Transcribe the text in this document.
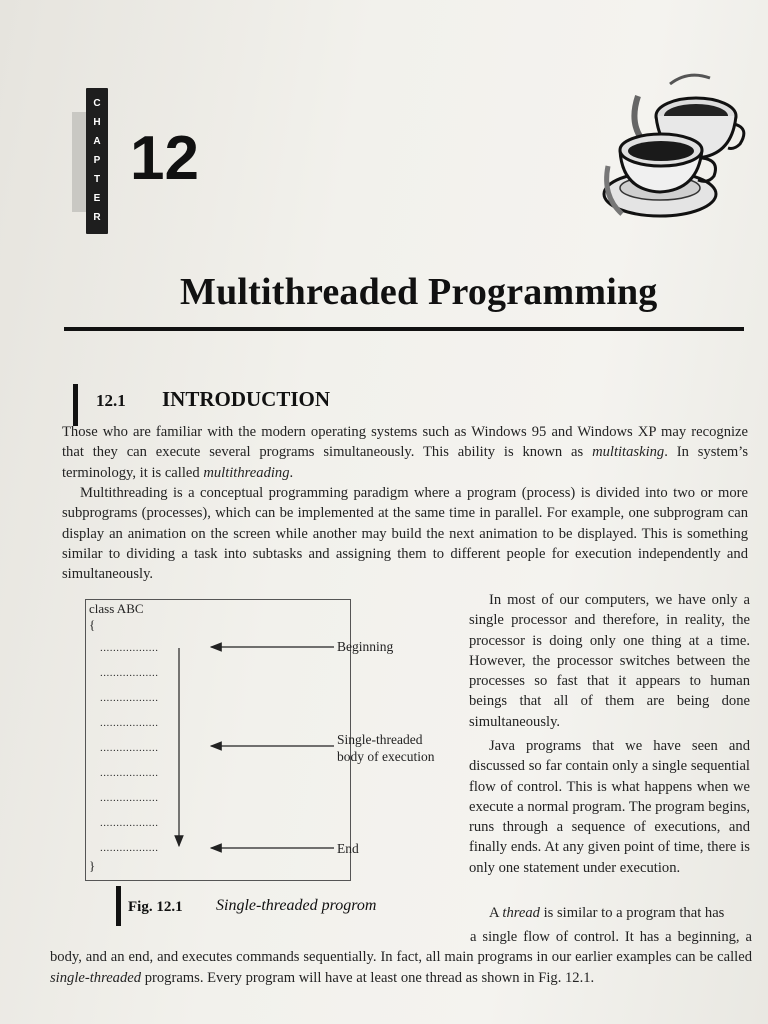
C
H
A
P
T
E
R
12
Multithreaded Programming
12.1 INTRODUCTION

Those who are familiar with the modern operating systems such as Windows 95 and Windows XP may recognize that they can execute several programs simultaneously. This ability is known as multitasking. In system’s terminology, it is called multithreading.

Multithreading is a conceptual programming paradigm where a program (process) is divided into two or more subprograms (processes), which can be implemented at the same time in parallel. For example, one subprogram can display an animation on the screen while another may build the next animation to be displayed. This is something similar to dividing a task into subtasks and assigning them to different people for execution independently and simultaneously.

class ABC
{
}
..................
..................
..................
..................
..................
..................
..................
..................
..................
Beginning
Single-threaded
body of execution
End

In most of our computers, we have only a single processor and therefore, in reality, the processor is doing only one thing at a time. However, the processor switches between the processes so fast that it appears to human beings that all of them are being done simultaneously.

Java programs that we have seen and discussed so far contain only a single sequential flow of control. This is what happens when we execute a normal program. The program begins, runs through a sequence of executions, and finally ends. At any given point of time, there is only one statement under execution.

A thread is similar to a program that has

Fig. 12.1 Single-threaded progrom

a single flow of control. It has a beginning, a body, and an end, and executes commands sequentially. In fact, all main programs in our earlier examples can be called single-threaded programs. Every program will have at least one thread as shown in Fig. 12.1.
